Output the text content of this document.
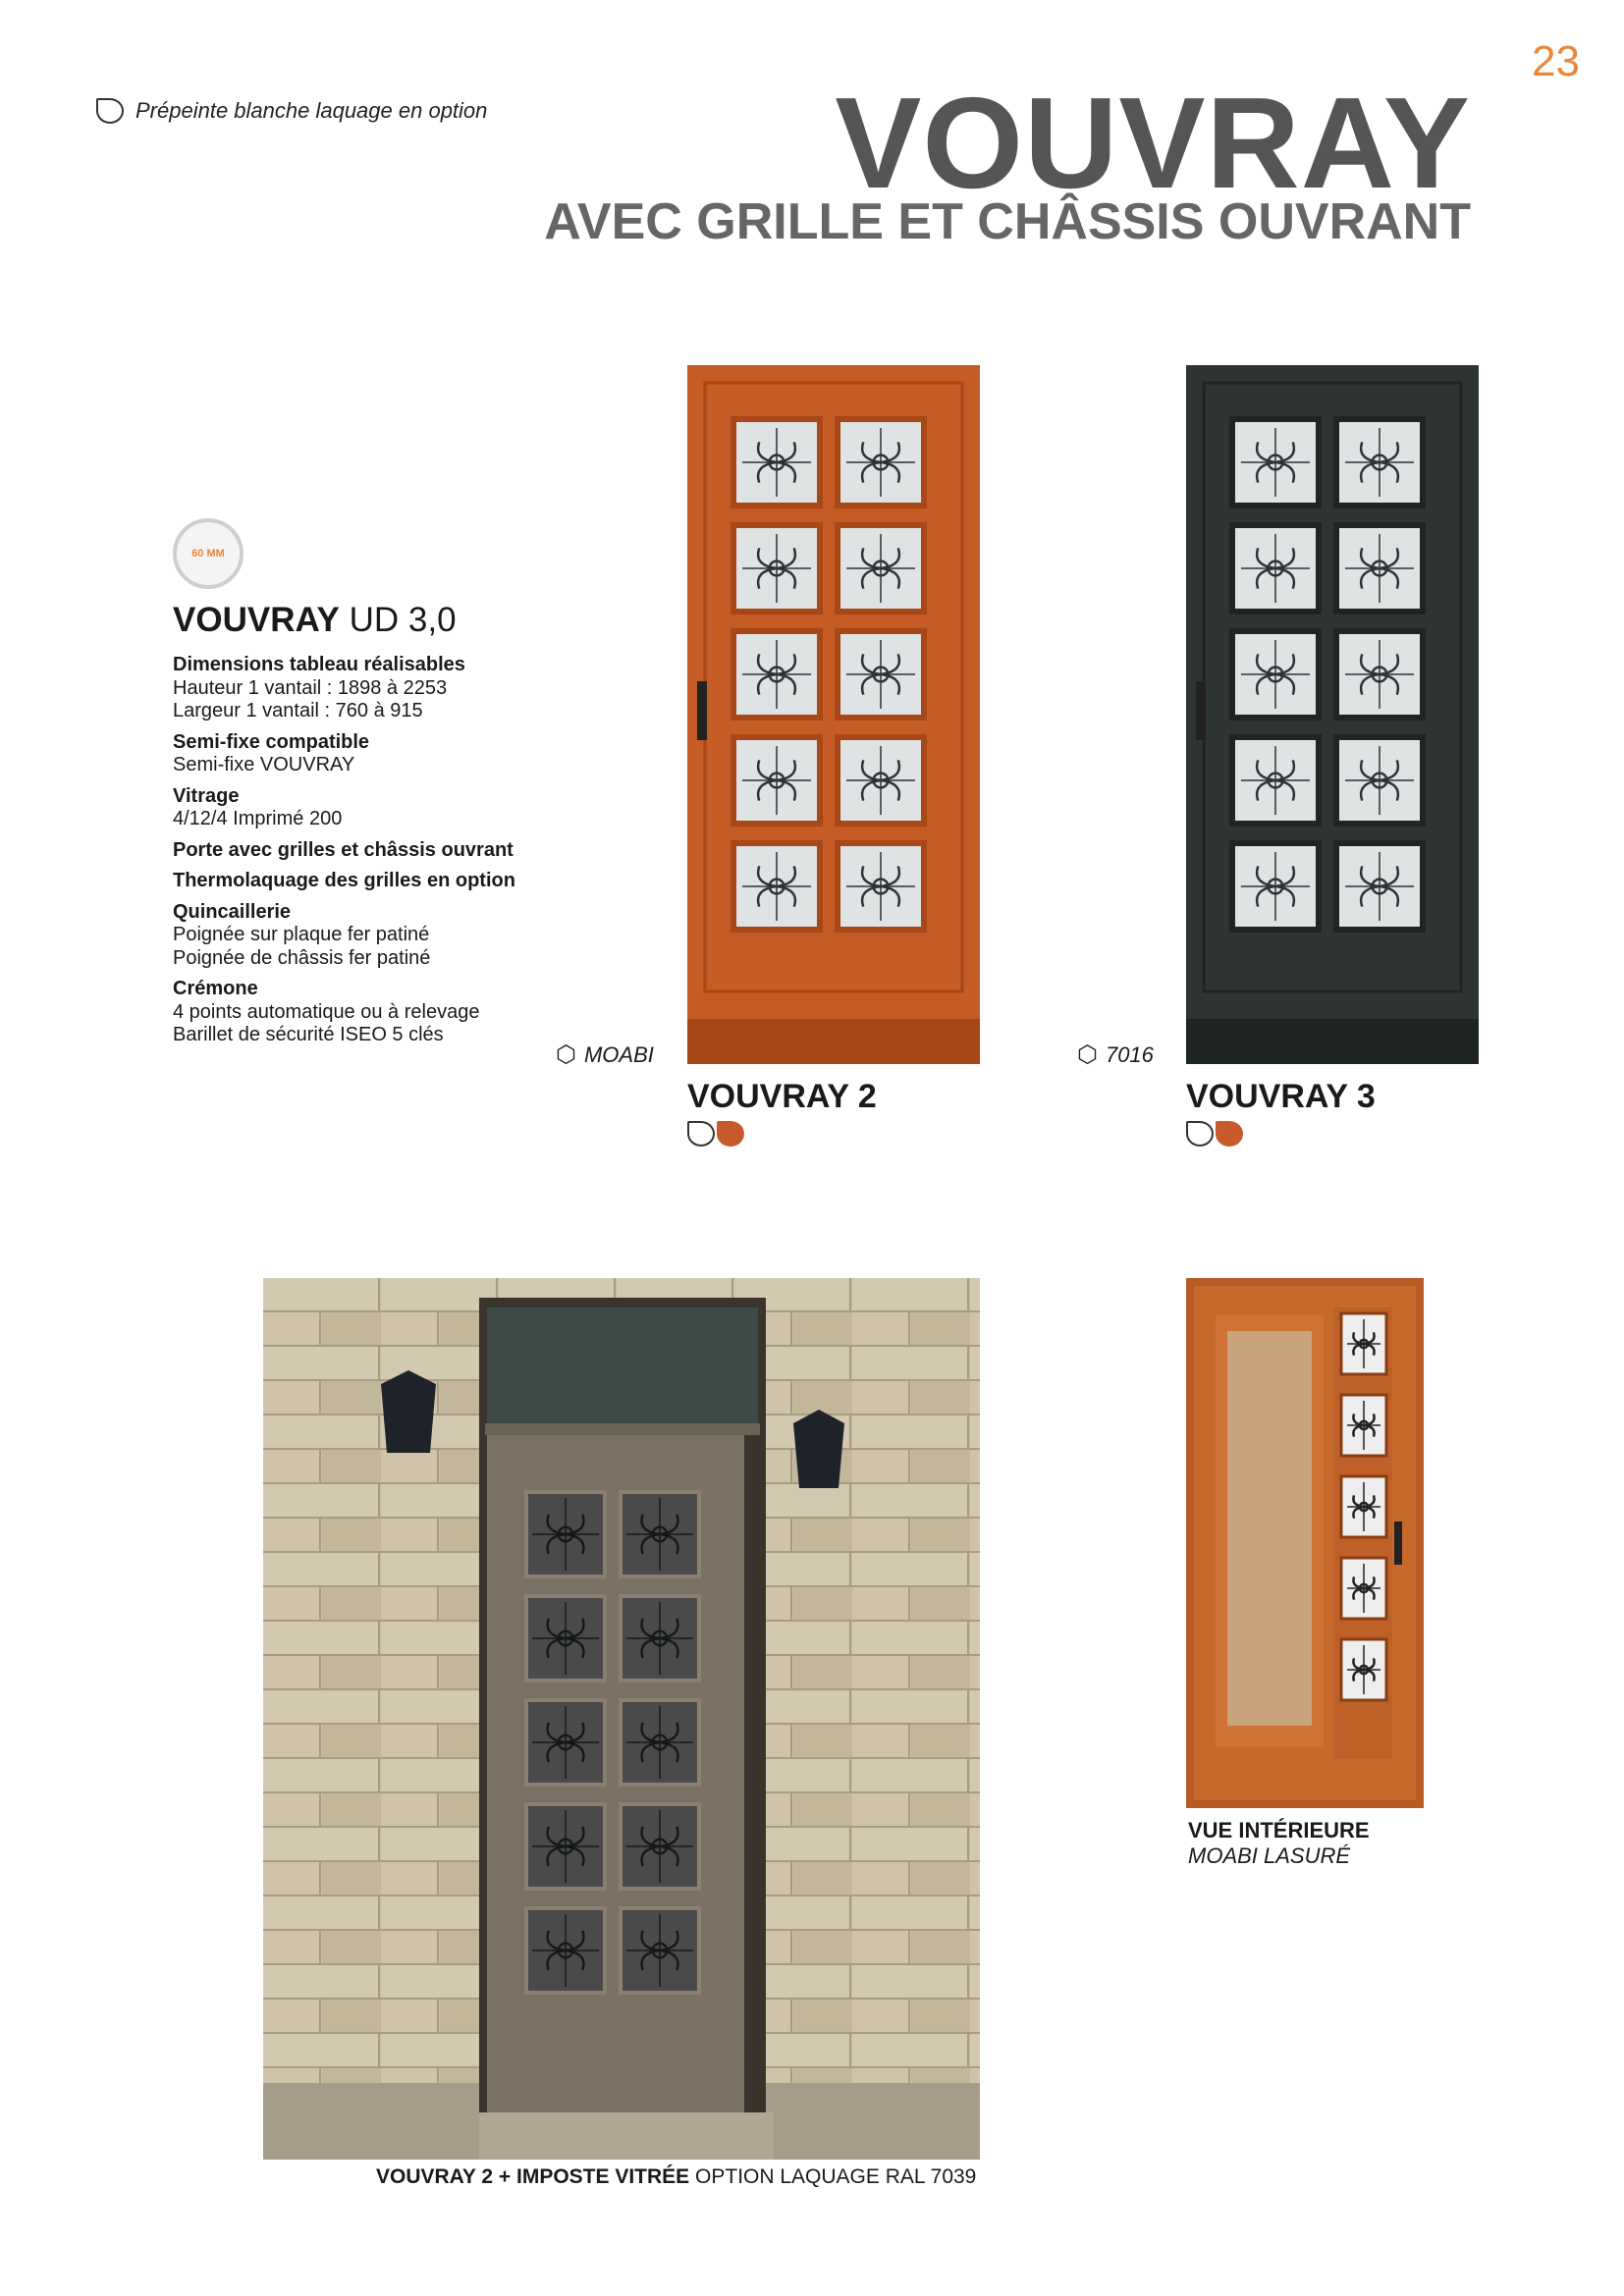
23
Prépeinte blanche laquage en option	VOUVRAY
AVEC GRILLE ET CHÂSSIS OUVRANT
60 MM
VOUVRAY UD 3,0
Dimensions tableau réalisables
Hauteur 1 vantail : 1898 à 2253
Largeur 1 vantail : 760 à 915
Semi-fixe compatible
Semi-fixe VOUVRAY
Vitrage
4/12/4 Imprimé 200
Porte avec grilles et châssis ouvrant
Thermolaquage des grilles en option
Quincaillerie
Poignée sur plaque fer patiné
Poignée de châssis fer patiné
Crémone
4 points automatique ou à relevage
Barillet de sécurité ISEO 5 clés
⬡ MOABI
VOUVRAY 2
⬡ 7016
VOUVRAY 3
VOUVRAY 2 + IMPOSTE VITRÉE OPTION LAQUAGE RAL 7039
VUE INTÉRIEURE
MOABI LASURÉ
